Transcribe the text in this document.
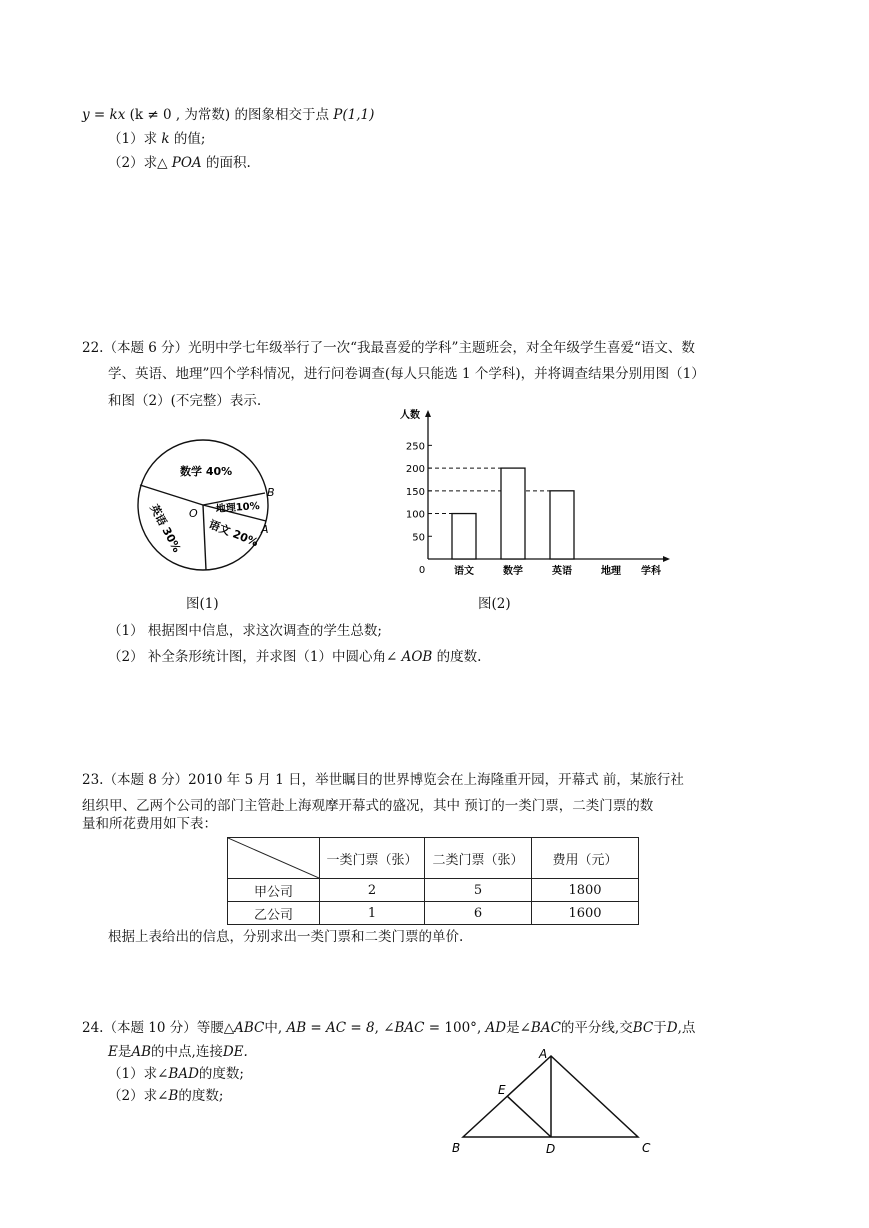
y = kx (k ≠ 0 , 为常数) 的图象相交于点 P(1,1)
（1）求 k 的值;
（2）求△ POA 的面积.
22.（本题 6 分）光明中学七年级举行了一次“我最喜爱的学科”主题班会，对全年级学生喜爱“语文、数
学、英语、地理”四个学科情况，进行问卷调查(每人只能选 1 个学科)，并将调查结果分别用图（1）
和图（2）(不完整）表示.
数学 40%
地理10%
语文 20%
英语 30% O
B
A
图(1)
50
100
150
200
250
语文	数学	英语	地理
0
人数
学科
图(2)
（1） 根据图中信息，求这次调查的学生总数;
（2） 补全条形统计图，并求图（1）中圆心角∠ AOB 的度数.
23.（本题 8 分）2010 年 5 月 1 日，举世瞩目的世界博览会在上海隆重开园，开幕式 前，某旅行社
组织甲、乙两个公司的部门主管赴上海观摩开幕式的盛况，其中 预订的一类门票，二类门票的数
量和所花费用如下表：
	一类门票（张）	二类门票（张）	费用（元）
甲公司	2	5	1800
乙公司	1	6	1600
根据上表给出的信息，分别求出一类门票和二类门票的单价.
24.（本题 10 分）等腰△ABC中, AB = AC = 8, ∠BAC = 100°, AD是∠BAC的平分线,交BC于D,点
E是AB的中点,连接DE.
（1）求∠BAD的度数;
（2）求∠B的度数;
A
B	C
D
E
